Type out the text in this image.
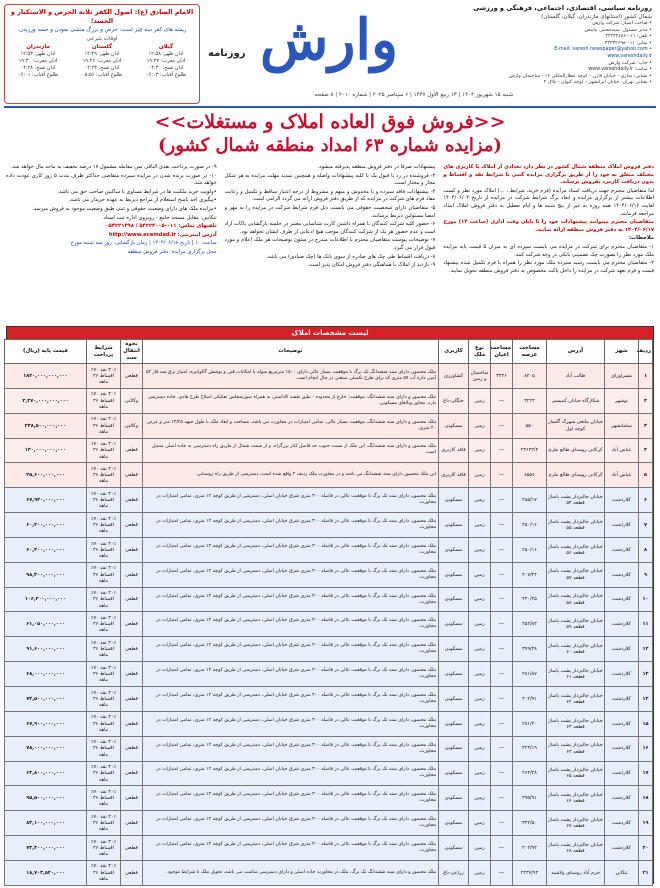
الامام الصادق (ع): اصول الکفر ثلاثة الحرص و الاستکبار و الحسد؛
ریشه های کفر سه چیز است: حرص و بزرگ منشی نمودن و حسد ورزیدن.
اوقات شرعی
گیلان
اذان ظهر: ۱۲:۵۸
اذان مغرب: ۱۹:۳۷
اذان صبح: ۰۴:۳۰
طلوع آفتاب: ۰۶:۰۳
گلستان
اذان ظهر: ۱۲:۴۹
اذان مغرب: ۱۹:۲۶
اذان صبح: ۰۴:۲۳
طلوع آفتاب: ۰۵:۵۶
مازندران
اذان ظهر: ۱۲:۵۳
اذان مغرب: ۱۹:۳۰
اذان صبح: ۰۴:۲۸
طلوع آفتاب: ۰۶:۰۱
وارش
روزنامه
شنبه ۱۵ شهریور ۱۴۰۴ | ۱۳ ربیع الاول ۱۴۴۷ | ۶ سپتامبر ۲۰۲۵ | شماره ۲۰۱۰ | ۸ صفحه
روزنامه سیاسی، اقتصادی، اجتماعی، فرهنگی و ورزشی
شمال کشور (استانهای مازندران، گیلان، گلستان)
• صاحب امتیاز: شرکت وارش
• مدیر مسئول: سیدمجتبی نیاپیش
• تلفن: ۰۱۱-۴۲۴۳۲۶۸۶
• نمابر: ۰۱۱-۴۲۴۳۲۶۹۸
• E-mail: varesh newspaper@yahoo.com
www.vareshdaily.ir
• چاپ: شرکت وارش
• سایت: www.vareshdaily.ir
• نشانی: ساری - خیابان قارن - کوچه عطارالملکی ۱۶ - ساختمان وارش
• نشانی تهران: خیابان ایرانشهر - کوچه کیوان - پلاک ۴
<<فروش فوق العاده املاک و مستغلات>>
(مزایده شماره ۶۳ امداد منطقه شمال کشور)

دفتر فروش املاک منطقه شمال کشور در نظر دارد تعدادی از املاک یا کاربری های مختلف متعلق به خود را از طریق برگزاری مزایده کتبی با شرایط نقد و اقساط و بدون دریافت کارمزد بفروش برساند.

لذا متقاضیان محترم جهت دریافت اسناد مزایده (فرم خرید، شرایط ، ...) املاک مورد نظر و کسب اطلاعات بیشتر از برگزاری مزایده و ابعاد برگ شرایط شرکت در مزایده از تاریخ ۱۴۰۴/۰۶/۰۴ لغایت ۱۴۰۴/۰۶/۱۶ همه روزه به غیر از پنج شنبه ها و ایام تعطیل به دفتر فروش املاک امداد مراجعه فرمایند.

متقاضیان محترم میتوانند پیشنهادات خود را تا پایان وقت اداری (ساعت ۱۴) مورخ ۱۴۰۴/۰۶/۱۷ به دفتر فروش منطقه ارائه نمایند.

ملاحظات:

۱- متقاضیان محترم برای شرکت در مزایده می بایست سپرده ای به میزان ۵ قیمت پایه مزایده ملک مورد نظر را بصورت چک تضمینی بانکی در وجه شرکت کنند.

۲- متقاضیان محترم می بایست رسید سپرده ملک مورد نظر را همراه با فرم تکمیل شده پیشنهاد قیمت و فرم تعهد شرکت در مزایده را داخل پاکت مخصوص به دفتر فروش منطقه تحویل نمایند.

پیشنهادات صرفاً در دفتر فروش منطقه پذیرفته میشود.

۳- فروشنده در رد یا قبول یک یا کلیه پیشنهادات واصله و همچنین تمدید مهلت مزایده به هر شکل مجاز و مختار است.

۴- پیشنهادات فاقد سپرده و یا مخدوش و مبهم و مشروط از درجه اعتبار ساقط و تکمیل و رعایت مفاد فرم های شرکت در مزایده که از طریق دفتر فروش ارائه می گردد الزامی است.

۵- متقاضیان دارای شخصیت حقوقی می بایست ذیل فرم شرایط شرکت در مزایده را به مهر و امضا مسئولین ذیربط برسانند.

۶- حضور کلیه شرکت کنندگان با همراه داشتن کارت شناسایی معتبر در جلسه بازگشایی پاکات آزاد است و عدم حضور هر یک از شرکت کنندگان موجب هیچ ادعایی از طرف ایشان نخواهد بود.

۷- توضیحات پیوست متقاضیان محترم با اطلاعات مندرج در ستون توضیحات هر ملک اعلام و مورد قبول قرار می گیرد.

۸- دریافت اقساط طی چک های صادره از سوی بانک ها (چک صیادی) می باشد.

۹- بازدید از املاک با هماهنگی دفتر فروش امکان پذیر است.

۹- در صورت پرداخت نقدی الباقی ثمن معامله مشمول ۱۷ درصد تخفیف به مأخذ مال خواهد شد.

۱۰- در صورت برنده شدن در مزایده سپرده متقاضی حداکثر ظرف مدت ۵ روز کاری عودت داده خواهد شد.

•ولویت خرید ملکیت ها در شرایط مساوی با ساکنین صاحب حق می باشد.

•پیگیری اخذ پاسخ استعلام از مراجع ذیربط به عهده خریدار می باشد.

•مزایده ملک های دارای وضعیت حقوقی و ثبتی طبق وضعیت موجود به فروش میرسد.

تنکابین: مقابل مسجد جامع - روبروی اداره ثبت اسناد.

تلفنهای تماس: ۰۱۱-۵۴۲۲۴۰۰۵ / ۰۵۴۲۲۱۴۹۸

آدرس اینترنتی: http://www.ecemdad.ir

ساعت ۱۰ | تاریخ ۱۴۰۴/۰۶/۱۸ | زمان بازگشایی: روز سه شنبه مورخ

محل برگزاری مزایده: دفتر فروش منطقه

لیست مشخصات املاک
ردیف	شهر	آدرس	مساحت عرصه	مساحت اعیان	نوع ملک	کاربری	توضیحات	نحوه انتقال سند	شرایط پرداخت	قیمت پایه (ریال)
۱	مشراورای	طالب آباد	۸۲۰۵	۳۴۳۶	ساختمان و زمین	کشاورزی	ملک محصور، دارای سند ششدانگ تک برگ با موقعیت بسیار عالی دارای ۱۵۰۰ مترمربع سوله با امکانات فنی و پوشش گالوانیزه، امتیاز برق سه فاز ۵۲ آمپر، داره آب ۵۷ متری که برای طرح تکمیلی صنعتی در حال انجام است.	قطعی	۳۰٪ نقد ۷۰٪ اقساط ۳۶ ماهه	۱۸۲۰,۰۰۰,۰۰۰,۰۰۰
۲	نوشهر	شکارگاه خیابان کمیسی	۳۲۲۳	—	زمین	جنگلی-باغ	ملک محصور و دارای سند ششدانگ، موقعیت: خارج از محدوده - طبق نقشه کاداستر، به همراه صورتمجلس تفکیکی اصلاح طرح هادی، جاده دسترسی دارد، مجاور ویلاهای مسکونی.	وکالتی	۳۰٪ نقد ۷۰٪ اقساط ۳۶ ماهه	۲,۴۷۰,۰۰۰,۰۰۰,۰۰۰
۳	سلمانشهر	خیابان ملتعی شهرک گلسار کوچه اول	۵۵۰	—	زمین	مسکونی	ملک محصور و دارای سند ششدانگ، موقعیت بسیار عالی، تمامی امتیازات در مجاورت می باشد، مساحت و ابعاد ملک با طول جبهه ۱۳/۴۵ متر و عرض ۴۰ متری.	وکالتی	۳۰٪ نقد ۷۰٪ اقساط ۳۶ ماهه	۲۴۸,۵۰۰,۰۰۰,۰۰۰
۴	عباس آباد	کرکانی روستای طالع ملزم	۲۳۶۴۳/۴	—	زمین	فاقد کاربری	ملک محصور و دارای سند ششدانگ، این ملک از سمت جنوب حد فاصل کنار بزرگراه، و از سمت شمال از طریق راه دسترسی به جاده اصلی متصل است.	قطعی	۳۰٪ نقد ۷۰٪ اقساط ۳۶ ماهه	۱۳۰,۰۰۰,۰۰۰,۰۰۰
۵	عباس آباد	کرکانی روستای طالع ملزم	۸۵۵۶	—	زمین	فاقد کاربری	این ملک محصور دارای سند ششدانگ می باشد و در مجاورت ملک ردیف ۴ واقع شده است، دسترسی از طریق راه روستایی.	قطعی	۳۰٪ نقد ۷۰٪ اقساط ۳۶ ماهه	۴۵,۶۰۰,۰۰۰,۰۰۰
۶	کلاردشت	خیابان جالیزدار پشت پاساژ قطعه ۵۴	۲۸۵/۱۷	—	زمین	مسکونی	ملک محصور، دارای سند تک برگ با موقعیت عالی در فاصله ۳۰۰ متری شرق خیابان اصلی، دسترسی از طریق کوچه ۱۲ متری، تمامی امتیازات در مجاورت.	قطعی	۳۰٪ نقد ۷۰٪ اقساط ۳۶ ماهه	۶۷,۹۲۰,۰۰۰,۰۰۰
۷	کلاردشت	خیابان جالیزدار پشت پاساژ قطعه ۵۵	۲۵۰/۱۶	—	زمین	مسکونی	ملک محصور، دارای سند تک برگ با موقعیت عالی در فاصله ۳۰۰ متری شرق خیابان اصلی، دسترسی از طریق کوچه ۱۲ متری، تمامی امتیازات در مجاورت.	قطعی	۳۰٪ نقد ۷۰٪ اقساط ۳۶ ماهه	۶۰,۴۰۰,۰۰۰,۰۰۰
۸	کلاردشت	خیابان جالیزدار پشت پاساژ قطعه ۵۶	۲۵۰/۱۶	—	زمین	مسکونی	ملک محصور، دارای سند تک برگ با موقعیت عالی در فاصله ۳۰۰ متری شرق خیابان اصلی، دسترسی از طریق کوچه ۱۲ متری، تمامی امتیازات در مجاورت.	قطعی	۳۰٪ نقد ۷۰٪ اقساط ۳۶ ماهه	۶۰,۴۰۰,۰۰۰,۰۰۰
۹	کلاردشت	خیابان جالیزدار پشت پاساژ قطعه ۵۷	۴۰۷/۲۴	—	زمین	مسکونی	ملک محصور، دارای سند تک برگ با موقعیت عالی در فاصله ۳۰۰ متری شرق خیابان اصلی، دسترسی از طریق کوچه ۱۲ متری، تمامی امتیازات در مجاورت.	قطعی	۳۰٪ نقد ۷۰٪ اقساط ۳۶ ماهه	۹۸,۳۰۰,۰۰۰,۰۰۰
۱۰	کلاردشت	خیابان جالیزدار پشت پاساژ قطعه ۵۸	۴۴۰/۲۵	—	زمین	مسکونی	ملک محصور، دارای سند تک برگ با موقعیت عالی در فاصله ۳۰۰ متری شرق خیابان اصلی، دسترسی از طریق کوچه ۱۲ متری، تمامی امتیازات در مجاورت.	قطعی	۳۰٪ نقد ۷۰٪ اقساط ۳۶ ماهه	۱۰۶,۲۰۰,۰۰۰,۰۰۰
۱۱	کلاردشت	خیابان جالیزدار پشت پاساژ قطعه ۵۹	۲۵۲/۸۳	—	زمین	مسکونی	ملک محصور، دارای سند تک برگ با موقعیت عالی در فاصله ۳۰۰ متری شرق خیابان اصلی، دسترسی از طریق کوچه ۱۲ متری، تمامی امتیازات در مجاورت.	قطعی	۳۰٪ نقد ۷۰٪ اقساط ۳۶ ماهه	۶۱,۰۵۰,۰۰۰,۰۰۰
۱۲	کلاردشت	خیابان جالیزدار پشت پاساژ قطعه ۶۰	۳۷۹/۳۸	—	زمین	مسکونی	ملک محصور، دارای سند تک برگ با موقعیت عالی در فاصله ۳۰۰ متری شرق خیابان اصلی، دسترسی از طریق کوچه ۱۲ متری، تمامی امتیازات در مجاورت.	قطعی	۳۰٪ نقد ۷۰٪ اقساط ۳۶ ماهه	۹۱,۶۰۰,۰۰۰,۰۰۰
۱۳	کلاردشت	خیابان جالیزدار پشت پاساژ قطعه ۶۱	۲۸۱/۸۷	—	زمین	مسکونی	ملک محصور، دارای سند تک برگ با موقعیت عالی در فاصله ۳۰۰ متری شرق خیابان اصلی، دسترسی از طریق کوچه ۱۲ متری، تمامی امتیازات در مجاورت.	قطعی	۳۰٪ نقد ۷۰٪ اقساط ۳۶ ماهه	۶۸,۰۰۰,۰۰۰,۰۰۰
۱۴	کلاردشت	خیابان جالیزدار پشت پاساژ قطعه ۶۲	۳۰۴/۷۱	—	زمین	مسکونی	ملک محصور، دارای سند تک برگ با موقعیت عالی در فاصله ۳۰۰ متری شرق خیابان اصلی، دسترسی از طریق کوچه ۱۲ متری، تمامی امتیازات در مجاورت.	قطعی	۳۰٪ نقد ۷۰٪ اقساط ۳۶ ماهه	۷۳,۵۰۰,۰۰۰,۰۰۰
۱۵	کلاردشت	خیابان جالیزدار پشت پاساژ قطعه ۶۳	۲۸۱/۴۰	—	زمین	مسکونی	ملک محصور، دارای سند تک برگ با موقعیت عالی در فاصله ۳۰۰ متری شرق خیابان اصلی، دسترسی از طریق کوچه ۱۲ متری، تمامی امتیازات در مجاورت.	قطعی	۳۰٪ نقد ۷۰٪ اقساط ۳۶ ماهه	۶۷,۹۰۰,۰۰۰,۰۰۰
۱۶	کلاردشت	خیابان جالیزدار پشت پاساژ قطعه ۶۴	۳۲۳/۱۹	—	زمین	مسکونی	ملک محصور، دارای سند تک برگ با موقعیت عالی در فاصله ۳۰۰ متری شرق خیابان اصلی، دسترسی از طریق کوچه ۱۲ متری، تمامی امتیازات در مجاورت.	قطعی	۳۰٪ نقد ۷۰٪ اقساط ۳۶ ماهه	۷۸,۰۰۰,۰۰۰,۰۰۰
۱۷	کلاردشت	خیابان جالیزدار پشت پاساژ قطعه ۶۵	۲۶۴/۴۸	—	زمین	مسکونی	ملک محصور، دارای سند تک برگ با موقعیت عالی در فاصله ۳۰۰ متری شرق خیابان اصلی، دسترسی از طریق کوچه ۱۲ متری، تمامی امتیازات در مجاورت.	قطعی	۳۰٪ نقد ۷۰٪ اقساط ۳۶ ماهه	۶۳,۸۰۰,۰۰۰,۰۰۰
۱۸	کلاردشت	خیابان جالیزدار پشت پاساژ قطعه ۶۶	۳۹۵/۹۱	—	زمین	مسکونی	ملک محصور، دارای سند تک برگ با موقعیت عالی در فاصله ۳۰۰ متری شرق خیابان اصلی، دسترسی از طریق کوچه ۱۲ متری، تمامی امتیازات در مجاورت.	قطعی	۳۰٪ نقد ۷۰٪ اقساط ۳۶ ماهه	۹۵,۵۰۰,۰۰۰,۰۰۰
۱۹	کلاردشت	خیابان جالیزدار پشت پاساژ قطعه ۶۷	۳۴۴/۵۰	—	زمین	مسکونی	ملک محصور، دارای سند تک برگ با موقعیت عالی در فاصله ۳۰۰ متری شرق خیابان اصلی، دسترسی از طریق کوچه ۱۲ متری، تمامی امتیازات در مجاورت.	قطعی	۳۰٪ نقد ۷۰٪ اقساط ۳۶ ماهه	۸۳,۱۰۰,۰۰۰,۰۰۰
۲۰	کلاردشت	خیابان جالیزدار پشت پاساژ قطعه ۶۸	۳۰۳/۹۳	—	زمین	مسکونی	ملک محصور، دارای سند تک برگ با موقعیت عالی در فاصله ۳۰۰ متری شرق خیابان اصلی، دسترسی از طریق کوچه ۱۲ متری، تمامی امتیازات در مجاورت.	قطعی	۳۰٪ نقد ۷۰٪ اقساط ۳۶ ماهه	۷۳,۳۰۰,۰۰۰,۰۰۰
۲۱	تنکابن	خرم آباد روستای ولاشید	۲۳۳۷/۹۲	—	زمین	زراعی-باغ	ملک محصور و دارای سند ششدانگ تک برگ، ملک در مجاورت جاده اصلی و دارای دسترسی مناسب می باشد، تحویل ملک با شرایط موجود.	قطعی	۳۰٪ نقد ۷۰٪ اقساط ۳۶ ماهه	۱۸,۷۰۳,۵۲۰,۰۰۰
